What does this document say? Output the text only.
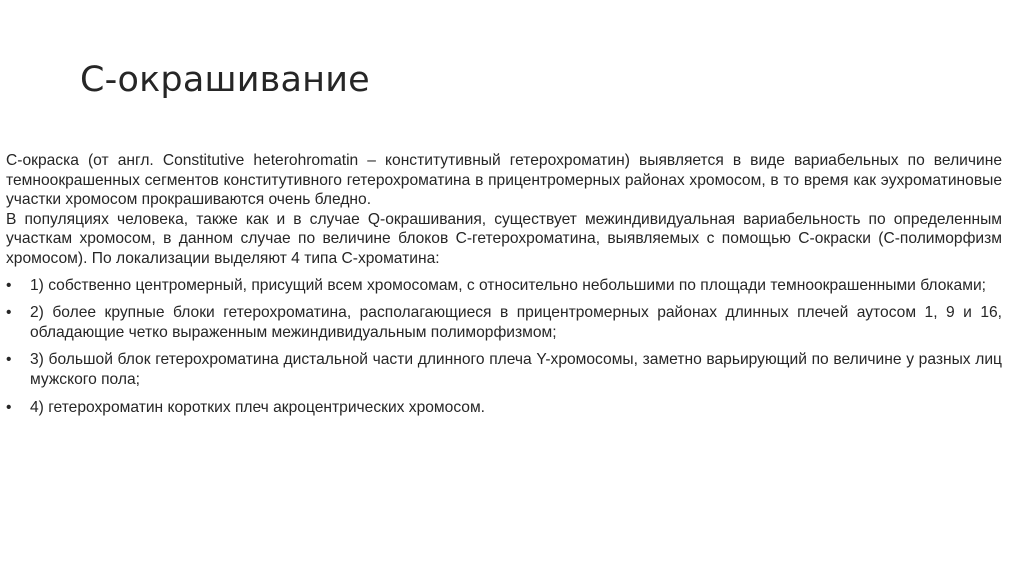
C-окрашивание

С-окраска (от англ. Constitutive heterohromatin – конститутивный гетерохроматин) выявляется в виде вариабельных по величине темноокрашенных сегментов конститутивного гетерохроматина в прицентромерных районах хромосом, в то время как эухроматиновые участки хромосом прокрашиваются очень бледно.

В популяциях человека, также как и в случае Q-окрашивания, существует межиндивидуальная вариабельность по определенным участкам хромосом, в данном случае по величине блоков С-гетерохроматина, выявляемых с помощью С-окраски (С-полиморфизм хромосом). По локализации выделяют 4 типа С-хроматина:

•	1) собственно центромерный, присущий всем хромосомам, с относительно небольшими по площади темноокрашенными блоками;
•	2) более крупные блоки гетерохроматина, располагающиеся в прицентромерных районах длинных плечей аутосом 1, 9 и 16, обладающие четко выраженным межиндивидуальным полиморфизмом;
•	3) большой блок гетерохроматина дистальной части длинного плеча Y-хромосомы, заметно варьирующий по величине у разных лиц мужского пола;
•	4) гетерохроматин коротких плеч акроцентрических хромосом.
